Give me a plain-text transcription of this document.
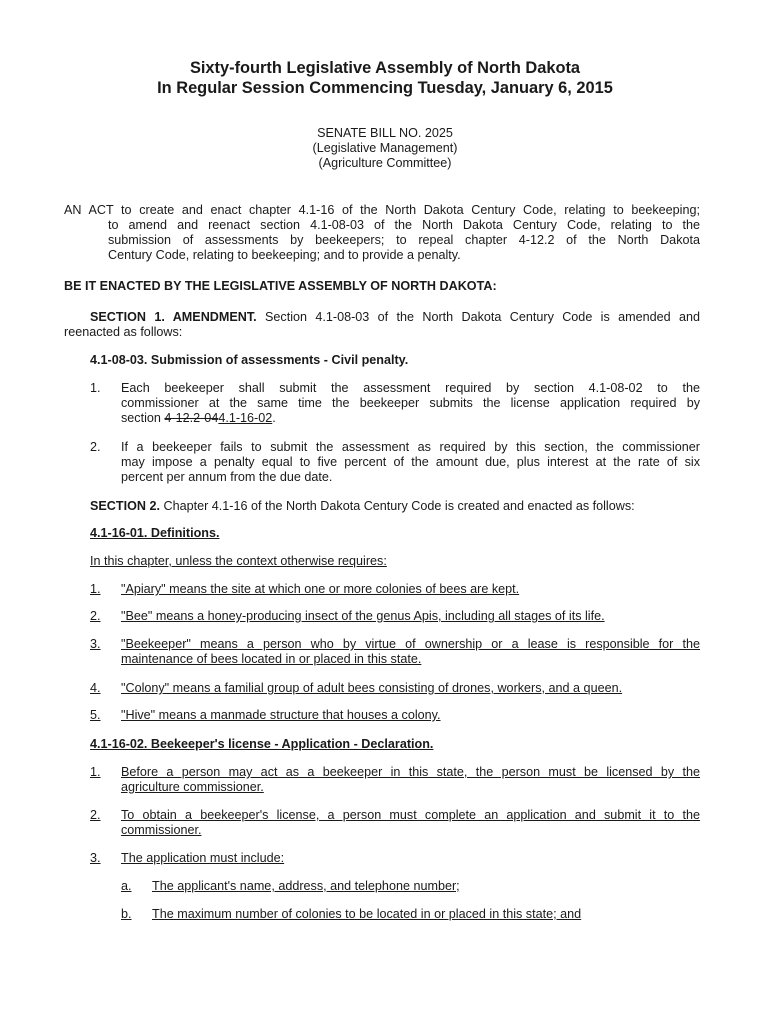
Sixty-fourth Legislative Assembly of North Dakota
In Regular Session Commencing Tuesday, January 6, 2015
SENATE BILL NO. 2025
(Legislative Management)
(Agriculture Committee)
AN ACT to create and enact chapter 4.1-16 of the North Dakota Century Code, relating to beekeeping;
to amend and reenact section 4.1-08-03 of the North Dakota Century Code, relating to the
submission of assessments by beekeepers; to repeal chapter 4-12.2 of the North Dakota
Century Code, relating to beekeeping; and to provide a penalty.
BE IT ENACTED BY THE LEGISLATIVE ASSEMBLY OF NORTH DAKOTA:
SECTION 1. AMENDMENT. Section 4.1-08-03 of the North Dakota Century Code is amended and
reenacted as follows:
4.1-08-03. Submission of assessments - Civil penalty.
1. Each beekeeper shall submit the assessment required by section 4.1-08-02 to the
commissioner at the same time the beekeeper submits the license application required by
section 4-12.2-044.1-16-02.
2. If a beekeeper fails to submit the assessment as required by this section, the commissioner
may impose a penalty equal to five percent of the amount due, plus interest at the rate of six
percent per annum from the due date.
SECTION 2. Chapter 4.1-16 of the North Dakota Century Code is created and enacted as follows:
4.1-16-01. Definitions.
In this chapter, unless the context otherwise requires:
1. "Apiary" means the site at which one or more colonies of bees are kept.
2. "Bee" means a honey-producing insect of the genus Apis, including all stages of its life.
3. "Beekeeper" means a person who by virtue of ownership or a lease is responsible for the
maintenance of bees located in or placed in this state.
4. "Colony" means a familial group of adult bees consisting of drones, workers, and a queen.
5. "Hive" means a manmade structure that houses a colony.
4.1-16-02. Beekeeper's license - Application - Declaration.
1. Before a person may act as a beekeeper in this state, the person must be licensed by the
agriculture commissioner.
2. To obtain a beekeeper's license, a person must complete an application and submit it to the
commissioner.
3. The application must include:
a. The applicant's name, address, and telephone number;
b. The maximum number of colonies to be located in or placed in this state; and
